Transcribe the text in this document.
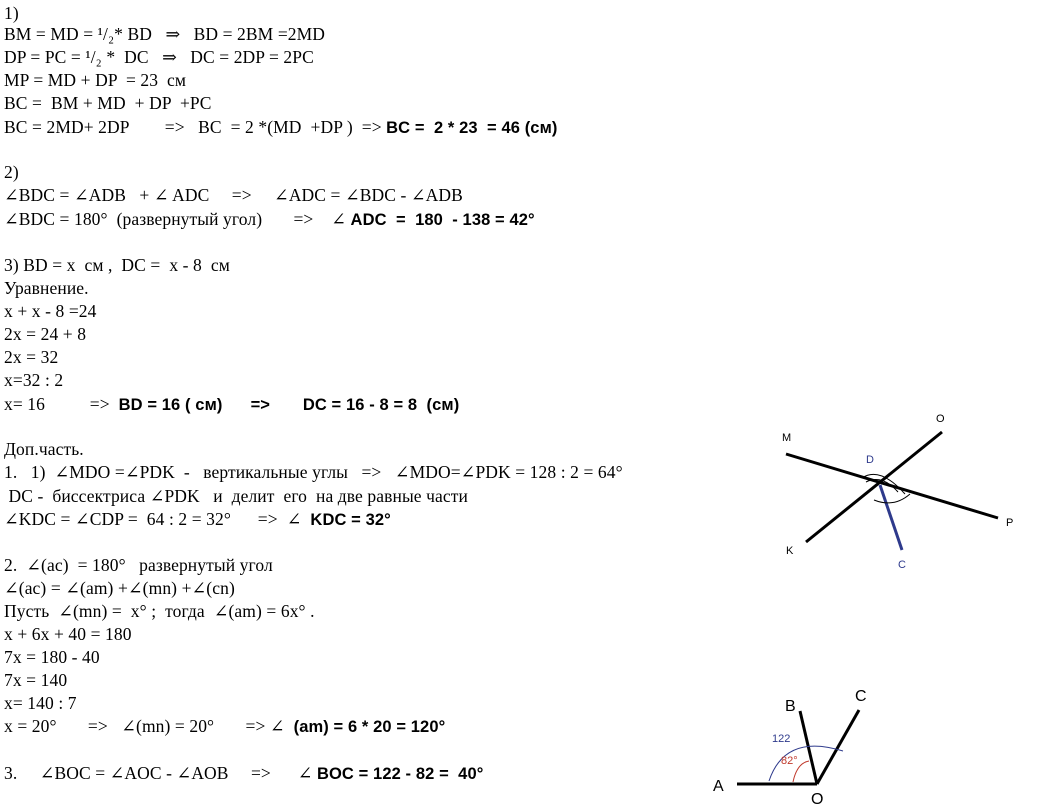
1)
BM = MD = ¹/₂* BD   ⇒   BD = 2BM =2MD
DP = PC = ¹/₂ *  DC   ⇒   DC = 2DP = 2PC
MP = MD + DP  = 23  см
BC =  BM + MD  + DP  +PC
BC = 2MD+ 2DP        =>   BC  = 2 *(MD  +DP )  => BC =  2 * 23  = 46 (см)
2)
∠BDC = ∠ADB   + ∠ ADC     =>     ∠ADC = ∠BDC - ∠ADB
∠BDC = 180°  (развернутый угол)       =>    ∠ ADC  =  180  - 138 = 42°
3) BD = x  см ,  DC =  x - 8  см
Уравнение.
x + x - 8 =24
2x = 24 + 8
2x = 32
x=32 : 2
x= 16          =>  BD = 16 ( см)      =>       DC = 16 - 8 = 8  (см)
Доп.часть.
1.   1)  ∠MDO =∠PDK  -   вертикальные углы   =>   ∠MDO=∠PDK = 128 : 2 = 64°
DC -  биссектриса ∠PDK   и  делит  его  на две равные части
∠KDC = ∠CDP =  64 : 2 = 32°      =>  ∠  KDC = 32°
2.  ∠(ac)  = 180°   развернутый угол
∠(ac) = ∠(am) +∠(mn) +∠(cn)
Пусть  ∠(mn) =  x° ;  тогда  ∠(am) = 6x° .
x + 6x + 40 = 180
7x = 180 - 40
7x = 140
x= 140 : 7
x = 20°       =>   ∠(mn) = 20°       => ∠  (am) = 6 * 20 = 120°
3.     ∠BOC = ∠AOC - ∠AOB     =>      ∠ BOC = 122 - 82 =  40°
M
O
D
P
K
C
A
B
C
O
122
82°
